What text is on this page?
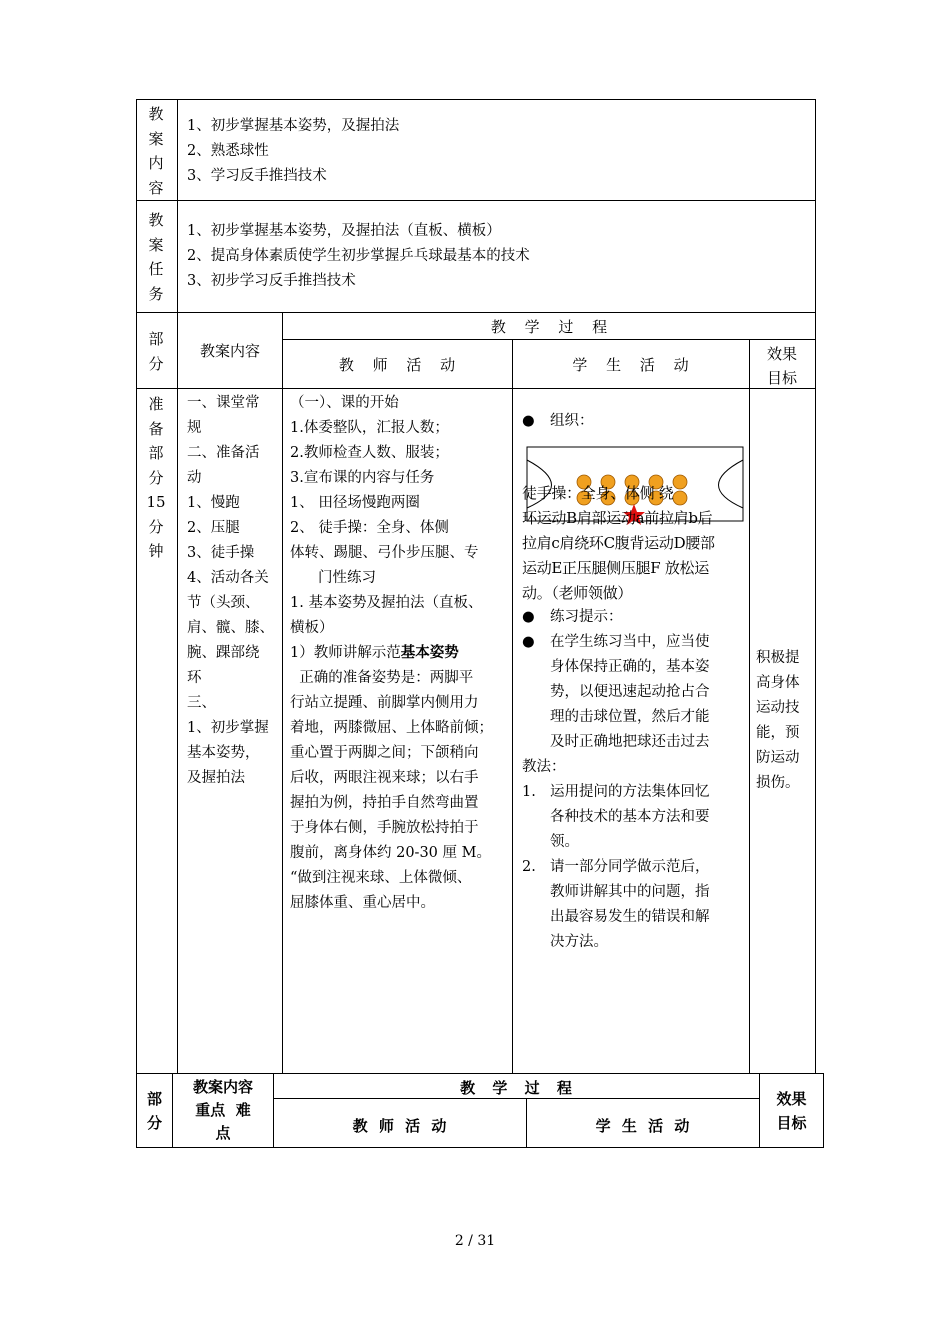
教
案
内
容
1、初步掌握基本姿势，及握拍法
2、熟悉球性
3、学习反手推挡技术
教
案
任
务
1、初步掌握基本姿势，及握拍法（直板、横板）
2、提高身体素质使学生初步掌握乒乓球最基本的技术
3、初步学习反手推挡技术
部
分
教案内容
教 学 过 程
教 师 活 动	学 生 活 动
效果
目标
准
备
部
分
15
分
钟
一、课堂常
规
二、准备活
动
1、慢跑
2、压腿
3、徒手操
4、活动各关
节（头颈、
肩、髋、膝、
腕、踝部绕
环
三、
1、初步掌握
基本姿势，
及握拍法
（一）、课的开始
1.体委整队，汇报人数；
2.教师检查人数、服装；
3.宣布课的内容与任务
1、 田径场慢跑两圈
2、 徒手操：全身、体侧
体转、踢腿、弓仆步压腿、专
门性练习
1. 基本姿势及握拍法（直板、
横板）
1）教师讲解示范基本姿势
正确的准备姿势是：两脚平
行站立提踵、前脚掌内侧用力
着地，两膝微屈、上体略前倾；
重心置于两脚之间；下颌稍向
后收，两眼注视来球；以右手
握拍为例，持拍手自然弯曲置
于身体右侧，手腕放松持拍于
腹前，离身体约 20-30 厘 M。
“做到注视来球、上体微倾、
屈膝体重、重心居中。
● 组织：
徒手操：全身、体侧 绕
环运动B肩部运动a前拉肩b后
拉肩c肩绕环C腹背运动D腰部
运动E正压腿侧压腿F 放松运
动。（老师领做）
● 练习提示：
● 在学生练习当中，应当使
身体保持正确的，基本姿
势，以便迅速起动抢占合
理的击球位置，然后才能
及时正确地把球还击过去
教法：
1. 运用提问的方法集体回忆
各种技术的基本方法和要
领。
2. 请一部分同学做示范后，
教师讲解其中的问题，指
出最容易发生的错误和解
决方法。
积极提
高身体
运动技
能，预
防运动
损伤。
部
分
教案内容
重点  难
点
教 学 过 程
教 师 活 动	学 生 活 动
效果
目标
2 / 31
